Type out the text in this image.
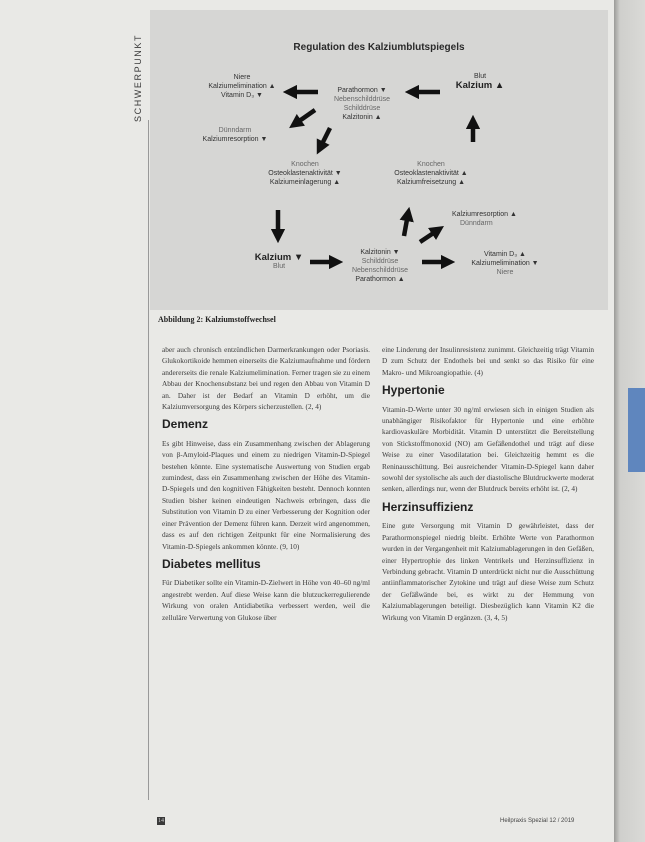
SCHWERPUNKT	Regulation des Kalziumblutspiegels
Niere
Kalziumelimination ▲
Vitamin D₃ ▼
Parathormon ▼
Nebenschilddrüse
Schilddrüse
Kalzitonin ▲
Blut
Kalzium ▲
Dünndarm
Kalziumresorption ▼
Knochen
Osteoklastenaktivität ▼
Kalziumeinlagerung ▲
Knochen
Osteoklastenaktivität ▲
Kalziumfreisetzung ▲
Kalziumresorption ▲
Dünndarm
Kalzium ▼
Blut
Kalzitonin ▼
Schilddrüse
Nebenschilddrüse
Parathormon ▲
Vitamin D₃ ▲
Kalziumelimination ▼
Niere
Abbildung 2: Kalziumstoffwechsel

aber auch chronisch entzündlichen Darmerkrankungen oder Psoriasis. Glukokortikoide hemmen einerseits die Kalziumaufnahme und fördern andererseits die renale Kalziumelimination. Ferner tragen sie zu einem Abbau der Knochensubstanz bei und regen den Abbau von Vitamin D an. Daher ist der Bedarf an Vitamin D erhöht, um die Kalziumversorgung des Körpers sicherzustellen. (2, 4)

Demenz

Es gibt Hinweise, dass ein Zusammenhang zwischen der Ablagerung von β-Amyloid-Plaques und einem zu niedrigen Vitamin-D-Spiegel bestehen könnte. Eine systematische Auswertung von Studien ergab zumindest, dass ein Zusammenhang zwischen der Höhe des Vitamin-D-Spiegels und den kognitiven Fähigkeiten besteht. Dennoch konnten Studien bisher keinen eindeutigen Nachweis erbringen, dass die Substitution von Vitamin D zu einer Verbesserung der Kognition oder einer Prävention der Demenz führen kann. Derzeit wird angenommen, dass es auf den richtigen Zeitpunkt für eine Normalisierung des Vitamin-D-Spiegels ankommen könnte. (9, 10)

Diabetes mellitus

Für Diabetiker sollte ein Vitamin-D-Zielwert in Höhe von 40–60 ng/ml angestrebt werden. Auf diese Weise kann die blutzuckerregulierende Wirkung von oralen Antidiabetika verbessert werden, weil die zelluläre Verwertung von Glukose über

eine Linderung der Insulinresistenz zunimmt. Gleichzeitig trägt Vitamin D zum Schutz der Endothels bei und senkt so das Risiko für eine Makro- und Mikroangiopathie. (4)

Hypertonie

Vitamin-D-Werte unter 30 ng/ml erwiesen sich in einigen Studien als unabhängiger Risikofaktor für Hypertonie und eine erhöhte kardiovaskuläre Morbidität. Vitamin D unterstützt die Bereitstellung von Stickstoffmonoxid (NO) am Gefäßendothel und trägt auf diese Weise zu einer Vasodilatation bei. Gleichzeitig hemmt es die Reninausschüttung. Bei ausreichender Vitamin-D-Spiegel kann daher sowohl der systolische als auch der diastolische Blutdruckwerte moderat senken, allerdings nur, wenn der Blutdruck bereits erhöht ist. (2, 4)

Herzinsuffizienz

Eine gute Versorgung mit Vitamin D gewährleistet, dass der Parathormonspiegel niedrig bleibt. Erhöhte Werte von Parathormon wurden in der Vergangenheit mit Kalziumablagerungen in den Gefäßen, einer Hypertrophie des linken Ventrikels und Herzinsuffizienz in Verbindung gebracht. Vitamin D unterdrückt nicht nur die Ausschüttung antiinflammatorischer Zytokine und trägt auf diese Weise zum Schutz der Gefäßwände bei, es wirkt zu der Hemmung von Kalziumablagerungen beteiligt. Diesbezüglich kann Vitamin K2 die Wirkung von Vitamin D ergänzen. (3, 4, 5)

14	Heilpraxis Spezial 12 / 2019
